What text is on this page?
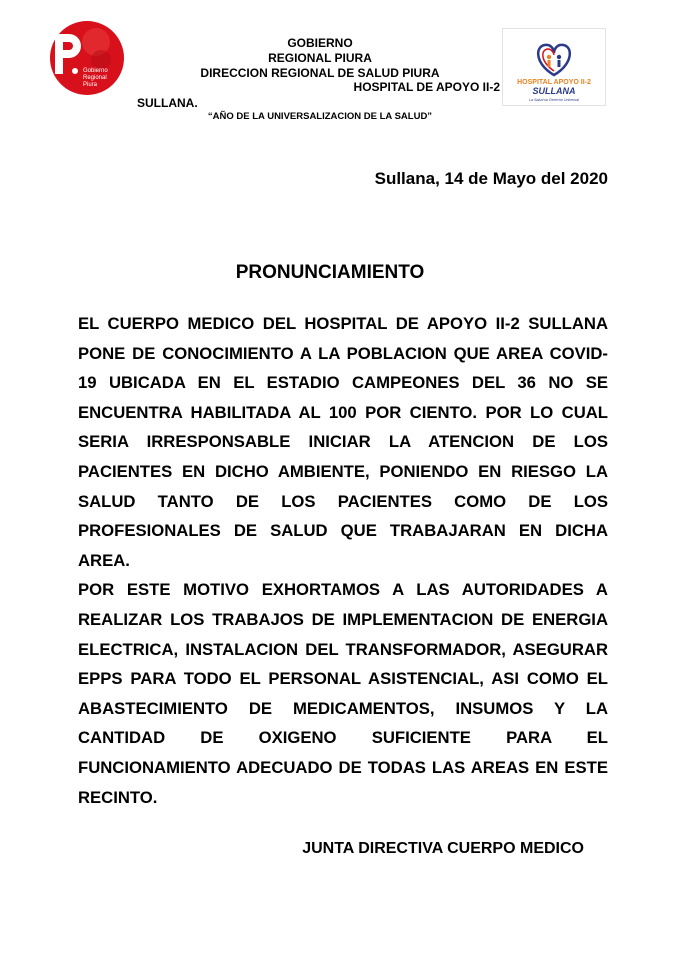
Gobierno
Regional
Piura
GOBIERNO
REGIONAL PIURA
DIRECCION REGIONAL DE SALUD PIURA
HOSPITAL DE APOYO II-2
SULLANA.
“AÑO DE LA UNIVERSALIZACION DE LA SALUD”
HOSPITAL APOYO II-2
SULLANA
La Salud un Derecho Universal
Sullana, 14 de Mayo del 2020
PRONUNCIAMIENTO

EL CUERPO MEDICO DEL HOSPITAL DE APOYO II-2 SULLANA

PONE DE CONOCIMIENTO A LA POBLACION QUE AREA COVID-

19 UBICADA EN EL ESTADIO CAMPEONES DEL 36 NO SE

ENCUENTRA HABILITADA AL 100 POR CIENTO. POR LO CUAL

SERIA IRRESPONSABLE INICIAR LA ATENCION DE LOS

PACIENTES EN DICHO AMBIENTE, PONIENDO EN RIESGO LA

SALUD TANTO DE LOS PACIENTES COMO DE LOS

PROFESIONALES DE SALUD QUE TRABAJARAN EN DICHA

AREA.

POR ESTE MOTIVO EXHORTAMOS A LAS AUTORIDADES A

REALIZAR LOS TRABAJOS DE IMPLEMENTACION DE ENERGIA

ELECTRICA, INSTALACION DEL TRANSFORMADOR, ASEGURAR

EPPS PARA TODO EL PERSONAL ASISTENCIAL, ASI COMO EL

ABASTECIMIENTO DE MEDICAMENTOS, INSUMOS Y LA

CANTIDAD DE OXIGENO SUFICIENTE PARA EL

FUNCIONAMIENTO ADECUADO DE TODAS LAS AREAS EN ESTE

RECINTO.

JUNTA DIRECTIVA CUERPO MEDICO
